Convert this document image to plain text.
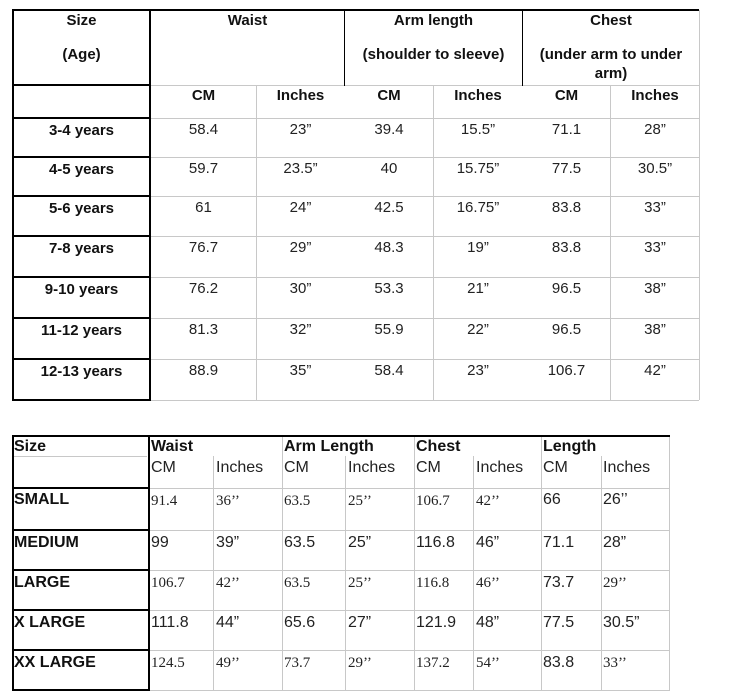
Size
(Age)
Waist	Arm length
(shoulder to sleeve)
Chest
(under arm to under
arm)
CM	Inches	CM	Inches	CM	Inches
3-4 years	58.4	23”	39.4	15.5”	71.1	28”
4-5 years	59.7	23.5”	40	15.75”	77.5	30.5”
5-6 years	61	24”	42.5	16.75”	83.8	33”
7-8 years	76.7	29”	48.3	19”	83.8	33”
9-10 years	76.2	30”	53.3	21”	96.5	38”
11-12 years	81.3	32”	55.9	22”	96.5	38”
12-13 years	88.9	35”	58.4	23”	106.7	42”
Size	Waist	Arm Length	Chest	Length
CM	Inches CM Inches CM Inches CM Inches
SMALL	91.4	36’’	63.5	25’’	106.7 42’’	66	26’’
MEDIUM	99	39”	63.5 25”	116.8 46”	71.1 28”
LARGE	106.7 42’’	63.5	25’’	116.8 46’’	73.7 29’’
X LARGE	111.8 44”	65.6 27”	121.9 48”	77.5 30.5”
XX LARGE	124.5 49’’	73.7	29’’	137.2 54’’	83.8 33’’
